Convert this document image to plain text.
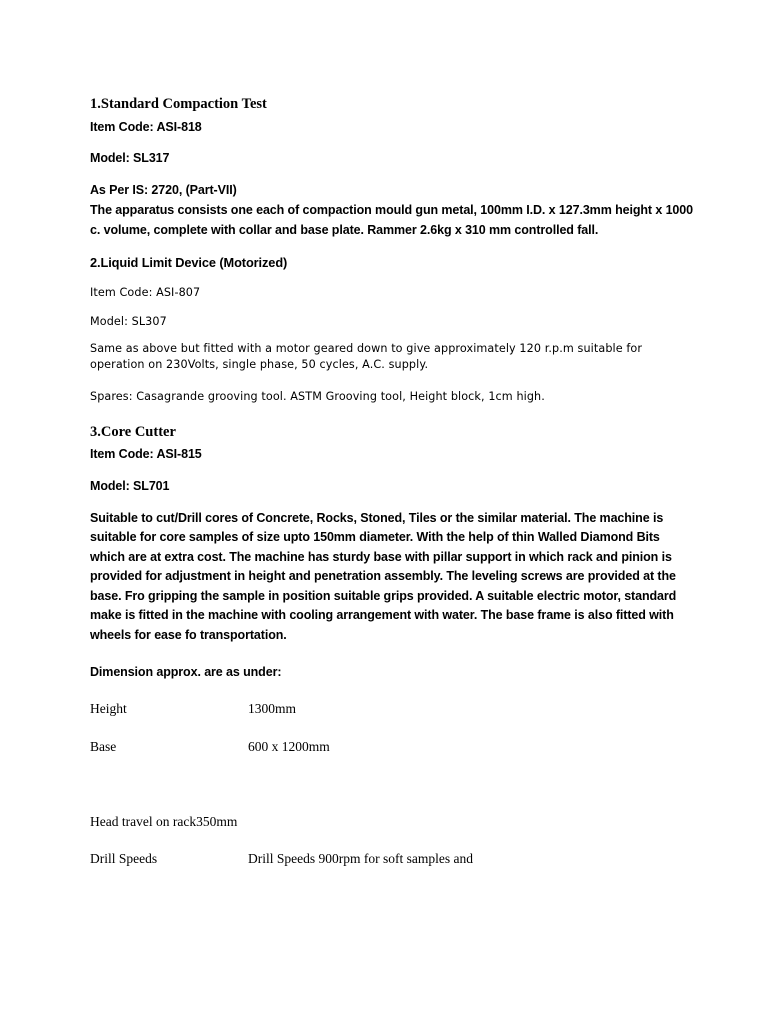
1.Standard Compaction Test
Item Code: ASI-818
Model: SL317
As Per IS: 2720, (Part-VII)
The apparatus consists one each of compaction mould gun metal, 100mm I.D. x 127.3mm height x 1000
c. volume, complete with collar and base plate. Rammer 2.6kg x 310 mm controlled fall.
2.Liquid Limit Device (Motorized)
Item Code: ASI-807
Model: SL307
Same as above but fitted with a motor geared down to give approximately 120 r.p.m suitable for
operation on 230Volts, single phase, 50 cycles, A.C. supply.
Spares: Casagrande grooving tool. ASTM Grooving tool, Height block, 1cm high.
3.Core Cutter
Item Code: ASI-815
Model: SL701
Suitable to cut/Drill cores of Concrete, Rocks, Stoned, Tiles or the similar material. The machine is
suitable for core samples of size upto 150mm diameter. With the help of thin Walled Diamond Bits
which are at extra cost. The machine has sturdy base with pillar support in which rack and pinion is
provided for adjustment in height and penetration assembly. The leveling screws are provided at the
base. Fro gripping the sample in position suitable grips provided. A suitable electric motor, standard
make is fitted in the machine with cooling arrangement with water. The base frame is also fitted with
wheels for ease fo transportation.
Dimension approx. are as under:
Height	1300mm
Base	600 x 1200mm
Head travel on rack350mm
Drill Speeds	Drill Speeds 900rpm for soft samples and
